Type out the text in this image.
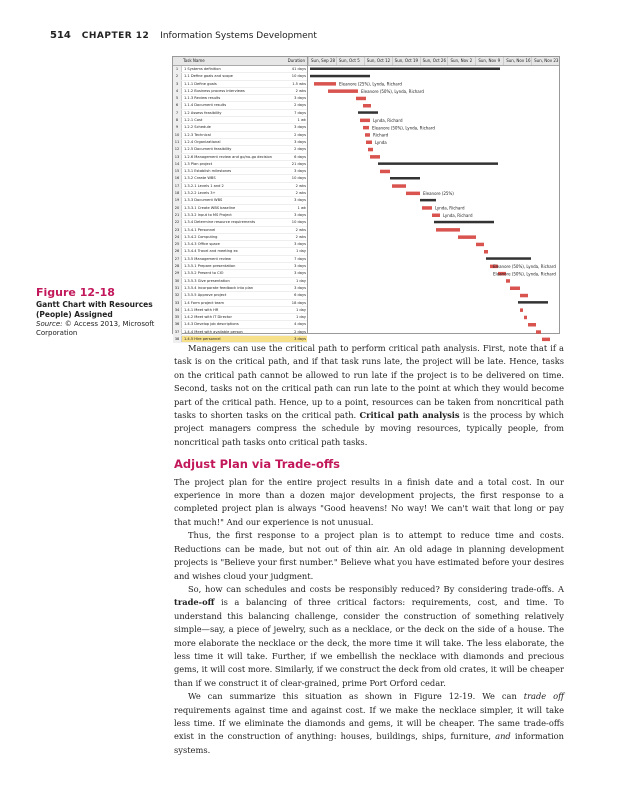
514 CHAPTER 12 Information Systems Development
Task Name	Duration
1	1 Systems definition	41 days
2	1.1 Define goals and scope	10 days
3	1.1.1 Define goals	1.5 wks
4	1.1.2 Business process interviews	2 wks
5	1.1.3 Review results	3 days
6	1.1.4 Document results	2 days
7	1.2 Assess feasibility	7 days
8	1.2.1 Cost	1 wk
9	1.2.2 Schedule	3 days
10	1.2.3 Technical	2 days
11	1.2.4 Organizational	3 days
12	1.2.5 Document feasibility	2 days
13	1.2.6 Management review and go/no-go decision	6 days
14	1.3 Plan project	21 days
15	1.3.1 Establish milestones	3 days
16	1.3.2 Create WBS	10 days
17	1.3.2.1 Levels 1 and 2	2 wks
18	1.3.2.2 Levels 3+	2 wks
19	1.3.3 Document WBS	3 days
20	1.3.3.1 Create WBS baseline	1 wk
21	1.3.3.2 Input to MS Project	3 days
22	1.3.4 Determine resource requirements	10 days
23	1.3.4.1 Personnel	2 wks
24	1.3.4.2 Computing	2 wks
25	1.3.4.3 Office space	3 days
26	1.3.4.4 Travel and meeting ex	1 day
27	1.3.5 Management review	7 days
28	1.3.5.1 Prepare presentation	3 days
29	1.3.5.2 Present to CIO	3 days
30	1.3.5.3 Give presentation	1 day
31	1.3.5.4 Incorporate feedback into plan	3 days
32	1.3.5.5 Approve project	6 days
33	1.4 Form project team	18 days
34	1.4.1 Meet with HR	1 day
35	1.4.2 Meet with IT Director	1 day
36	1.4.3 Develop job descriptions	4 days
37	1.4.4 Meet with available person	2 days
38	1.4.5 Hire personnel	3 days
Sun, Sep 28 Sun, Oct 5	Sun, Oct 12	Sun, Oct 19	Sun, Oct 26	Sun, Nov 2	Sun, Nov 9	Sun, Nov 16 Sun, Nov 23
Eleanore (25%), Lynda, Richard
Eleanore (50%), Lynda, Richard
Lynda, Richard
Eleanore (50%), Lynda, Richard
Richard
Lynda
Eleanore (25%)
Lynda, Richard
Lynda, Richard
Eleanore (50%), Lynda, Richard
Eleanore (50%), Lynda, Richard
Figure 12-18
Gantt Chart with Resources (People) Assigned
Source: © Access 2013, Microsoft Corporation

Managers can use the critical path to perform critical path analysis. First, note that if a task is on the critical path, and if that task runs late, the project will be late. Hence, tasks on the critical path cannot be allowed to run late if the project is to be delivered on time. Second, tasks not on the critical path can run late to the point at which they would become part of the critical path. Hence, up to a point, resources can be taken from noncritical path tasks to shorten tasks on the critical path. Critical path analysis is the process by which project managers compress the schedule by moving resources, typically people, from noncritical path tasks onto critical path tasks.

Adjust Plan via Trade-offs

The project plan for the entire project results in a finish date and a total cost. In our experience in more than a dozen major development projects, the first response to a completed project plan is always "Good heavens! No way! We can't wait that long or pay that much!" And our experience is not unusual.

Thus, the first response to a project plan is to attempt to reduce time and costs. Reductions can be made, but not out of thin air. An old adage in planning development projects is "Believe your first number." Believe what you have estimated before your desires and wishes cloud your judgment.

So, how can schedules and costs be responsibly reduced? By considering trade-offs. A trade-off is a balancing of three critical factors: requirements, cost, and time. To understand this balancing challenge, consider the construction of something relatively simple—say, a piece of jewelry, such as a necklace, or the deck on the side of a house. The more elaborate the necklace or the deck, the more time it will take. The less elaborate, the less time it will take. Further, if we embellish the necklace with diamonds and precious gems, it will cost more. Similarly, if we construct the deck from old crates, it will be cheaper than if we construct it of clear-grained, prime Port Orford cedar.

We can summarize this situation as shown in Figure 12-19. We can trade off requirements against time and against cost. If we make the necklace simpler, it will take less time. If we eliminate the diamonds and gems, it will be cheaper. The same trade-offs exist in the construction of anything: houses, buildings, ships, furniture, and information systems.
